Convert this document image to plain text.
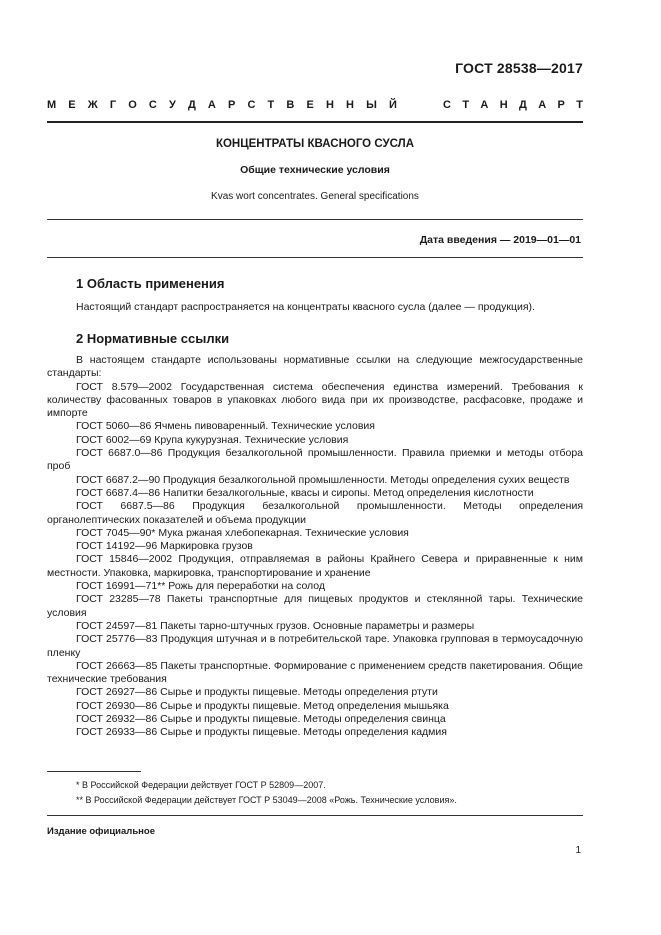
ГОСТ 28538—2017
М Е Ж Г О С У Д А Р С Т В Е Н Н Ы Й	С Т А Н Д А Р Т
КОНЦЕНТРАТЫ КВАСНОГО СУСЛА
Общие технические условия
Kvas wort concentrates. General specifications
Дата введения — 2019—01—01
1 Область применения
Настоящий стандарт распространяется на концентраты квасного сусла (далее — продукция).
2 Нормативные ссылки

В настоящем стандарте использованы нормативные ссылки на следующие межгосударственные стандарты:

ГОСТ 8.579—2002 Государственная система обеспечения единства измерений. Требования к количеству фасованных товаров в упаковках любого вида при их производстве, расфасовке, продаже и импорте

ГОСТ 5060—86 Ячмень пивоваренный. Технические условия

ГОСТ 6002—69 Крупа кукурузная. Технические условия

ГОСТ 6687.0—86 Продукция безалкогольной промышленности. Правила приемки и методы отбора проб

ГОСТ 6687.2—90 Продукция безалкогольной промышленности. Методы определения сухих веществ

ГОСТ 6687.4—86 Напитки безалкогольные, квасы и сиропы. Метод определения кислотности

ГОСТ 6687.5—86 Продукция безалкогольной промышленности. Методы определения органолептических показателей и объема продукции

ГОСТ 7045—90* Мука ржаная хлебопекарная. Технические условия

ГОСТ 14192—96 Маркировка грузов

ГОСТ 15846—2002 Продукция, отправляемая в районы Крайнего Севера и приравненные к ним местности. Упаковка, маркировка, транспортирование и хранение

ГОСТ 16991—71** Рожь для переработки на солод

ГОСТ 23285—78 Пакеты транспортные для пищевых продуктов и стеклянной тары. Технические условия

ГОСТ 24597—81 Пакеты тарно-штучных грузов. Основные параметры и размеры

ГОСТ 25776—83 Продукция штучная и в потребительской таре. Упаковка групповая в термоусадочную пленку

ГОСТ 26663—85 Пакеты транспортные. Формирование с применением средств пакетирования. Общие технические требования

ГОСТ 26927—86 Сырье и продукты пищевые. Методы определения ртути

ГОСТ 26930—86 Сырье и продукты пищевые. Метод определения мышьяка

ГОСТ 26932—86 Сырье и продукты пищевые. Методы определения свинца

ГОСТ 26933—86 Сырье и продукты пищевые. Методы определения кадмия

* В Российской Федерации действует ГОСТ Р 52809—2007.
** В Российской Федерации действует ГОСТ Р 53049—2008 «Рожь. Технические условия».
Издание официальное
1
